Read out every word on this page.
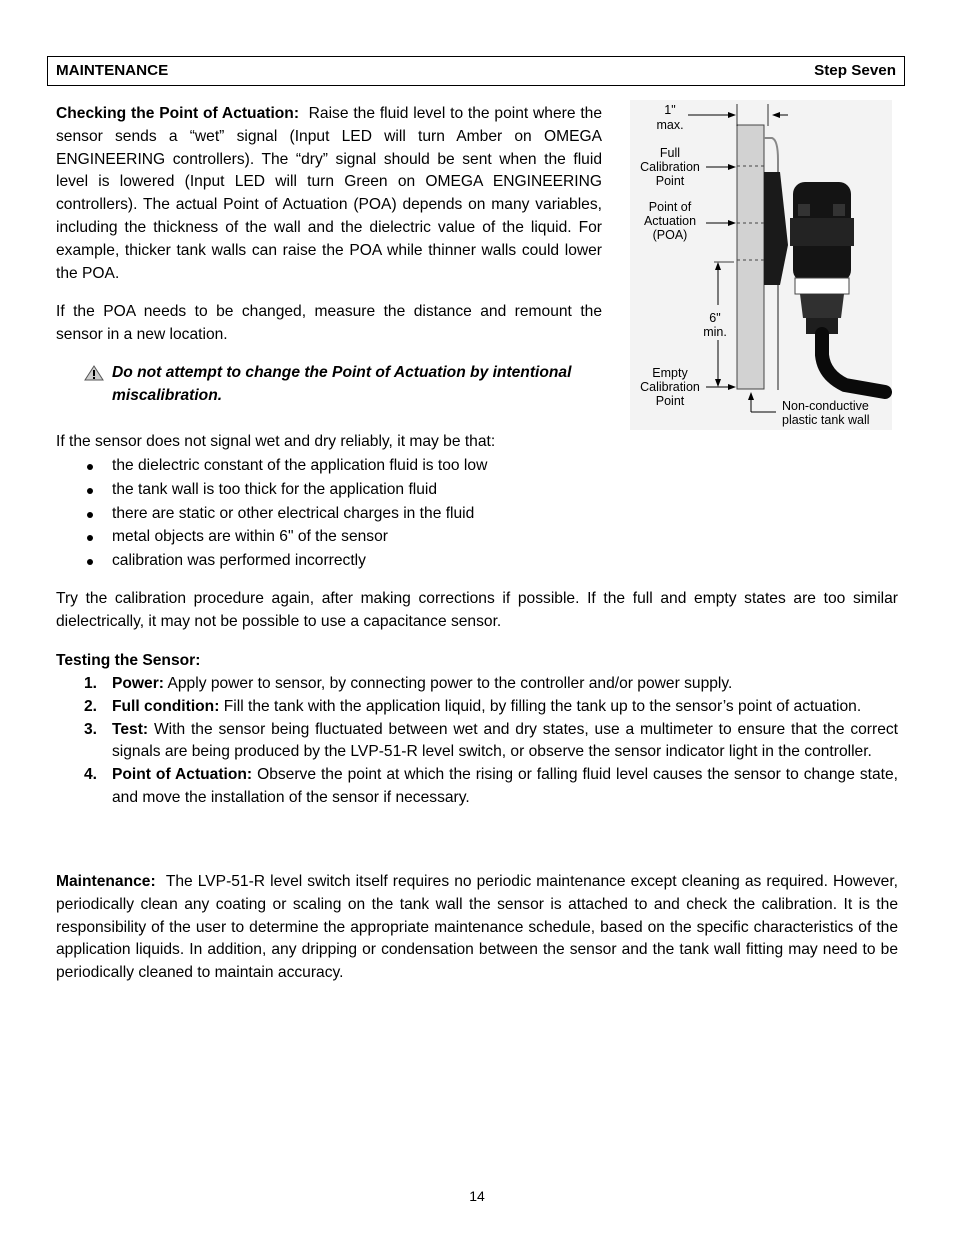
MAINTENANCE	Step Seven

Checking the Point of Actuation: Raise the fluid level to the point where the sensor sends a “wet” signal (Input LED will turn Amber on OMEGA ENGINEERING controllers). The “dry” signal should be sent when the fluid level is lowered (Input LED will turn Green on OMEGA ENGINEERING controllers). The actual Point of Actuation (POA) depends on many variables, including the thickness of the wall and the dielectric value of the liquid. For example, thicker tank walls can raise the POA while thinner walls could lower the POA.

If the POA needs to be changed, measure the distance and remount the sensor in a new location.

Do not attempt to change the Point of Actuation by intentional miscalibration.

If the sensor does not signal wet and dry reliably, it may be that:

the dielectric constant of the application fluid is too low
the tank wall is too thick for the application fluid
there are static or other electrical charges in the fluid
metal objects are within 6" of the sensor
calibration was performed incorrectly

Try the calibration procedure again, after making corrections if possible. If the full and empty states are too similar dielectrically, it may not be possible to use a capacitance sensor.

Testing the Sensor:

1. Power: Apply power to sensor, by connecting power to the controller and/or power supply.
2. Full condition: Fill the tank with the application liquid, by filling the tank up to the sensor’s point of actuation.
3. Test: With the sensor being fluctuated between wet and dry states, use a multimeter to ensure that the correct signals are being produced by the LVP-51-R level switch, or observe the sensor indicator light in the controller.
4. Point of Actuation: Observe the point at which the rising or falling fluid level causes the sensor to change state, and move the installation of the sensor if necessary.

Maintenance: The LVP-51-R level switch itself requires no periodic maintenance except cleaning as required. However, periodically clean any coating or scaling on the tank wall the sensor is attached to and check the calibration. It is the responsibility of the user to determine the appropriate maintenance schedule, based on the specific characteristics of the application liquids. In addition, any dripping or condensation between the sensor and the tank wall fitting may need to be periodically cleaned to maintain accuracy.

1"
max.
Full
Calibration
Point
Point of
Actuation
(POA)
6"
min.
Empty
Calibration
Point	Non-conductive
plastic tank wall
14
